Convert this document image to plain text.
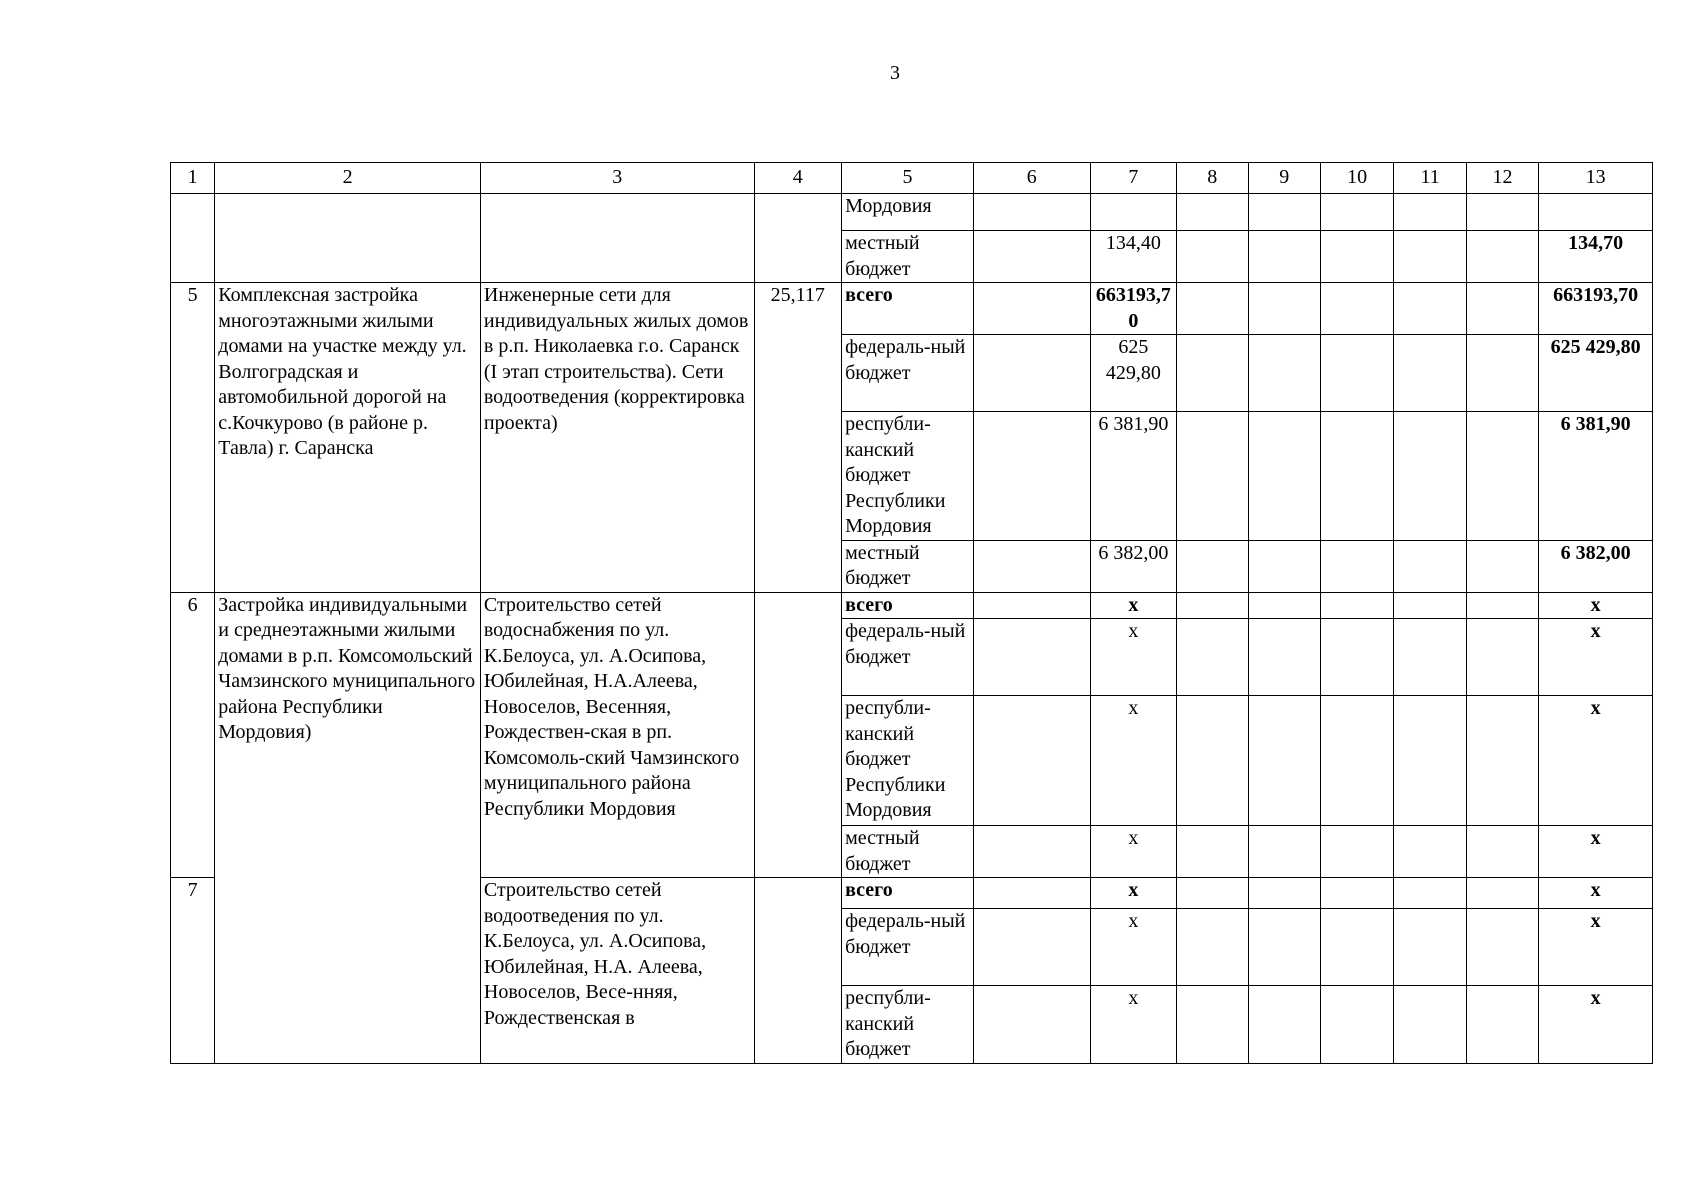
3
1	2	3	4	5	6	7	8	9	10	11	12	13
				Мордовия								
				местный бюджет		134,40						134,70
5	Комплексная застройка многоэтажными жилыми домами на участке между ул. Волгоградская и автомобильной дорогой на с.Кочкурово (в районе р. Тавла) г. Саранска	Инженерные сети для индивидуальных жилых домов в р.п. Николаевка г.о. Саранск (I этап строительства). Сети водоотведения (корректировка проекта)	25,117	всего		663193,70						663193,70
				федераль-ный бюджет		625 429,80						625 429,80
				республи-канский бюджет Республики Мордовия		6 381,90						6 381,90
				местный бюджет		6 382,00						6 382,00
6	Застройка индивидуальными и среднеэтажными жилыми домами в р.п. Комсомольский Чамзинского муниципального района Республики Мордовия)	Строительство сетей водоснабжения по ул. К.Белоуса, ул. А.Осипова, Юбилейная, Н.А.Алеева, Новоселов, Весенняя, Рождествен-ская в рп. Комсомоль-ский Чамзинского муниципального района Республики Мордовия		всего		x						x
				федераль-ный бюджет		x						x
				республи-канский бюджет Республики Мордовия		x						x
				местный бюджет		x						x
7		Строительство сетей водоотведения по ул. К.Белоуса, ул. А.Осипова, Юбилейная, Н.А. Алеева, Новоселов, Весе-нняя, Рождественская в		всего		x						x
				федераль-ный бюджет		x						x
				республи-канский бюджет		x						x
